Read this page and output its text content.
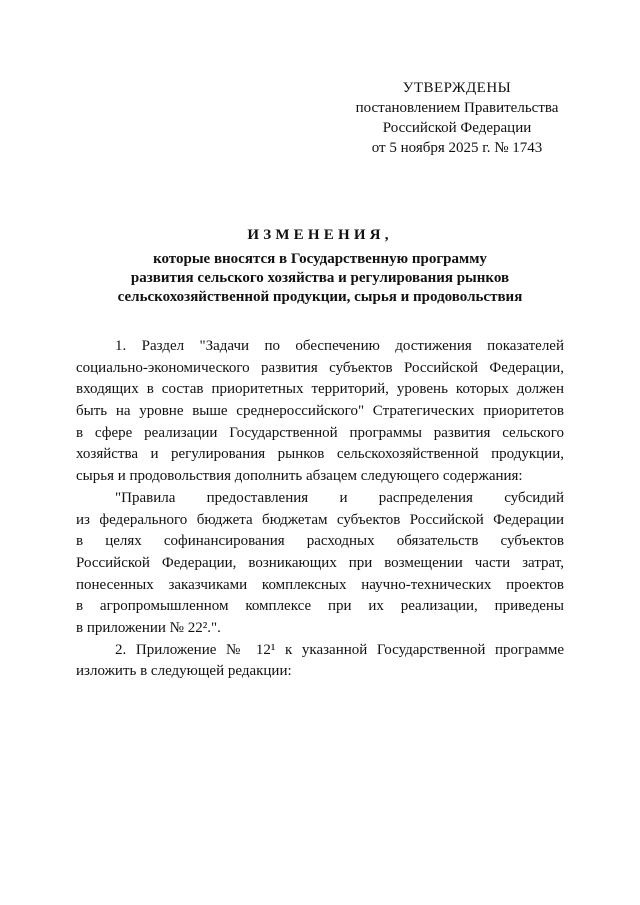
УТВЕРЖДЕНЫ
постановлением Правительства
Российской Федерации
от 5 ноября 2025 г. № 1743
ИЗМЕНЕНИЯ,
которые вносятся в Государственную программу
развития сельского хозяйства и регулирования рынков
сельскохозяйственной продукции, сырья и продовольствия
1. Раздел "Задачи по обеспечению достижения показателей
социально-экономического развития субъектов Российской Федерации,
входящих в состав приоритетных территорий, уровень которых должен
быть на уровне выше среднероссийского" Стратегических приоритетов
в сфере реализации Государственной программы развития сельского
хозяйства и регулирования рынков сельскохозяйственной продукции,
сырья и продовольствия дополнить абзацем следующего содержания:
"Правила предоставления и распределения субсидий
из федерального бюджета бюджетам субъектов Российской Федерации
в целях софинансирования расходных обязательств субъектов
Российской Федерации, возникающих при возмещении части затрат,
понесенных заказчиками комплексных научно-технических проектов
в агропромышленном комплексе при их реализации, приведены
в приложении № 22².".
2. Приложение № 12¹ к указанной Государственной программе
изложить в следующей редакции:
